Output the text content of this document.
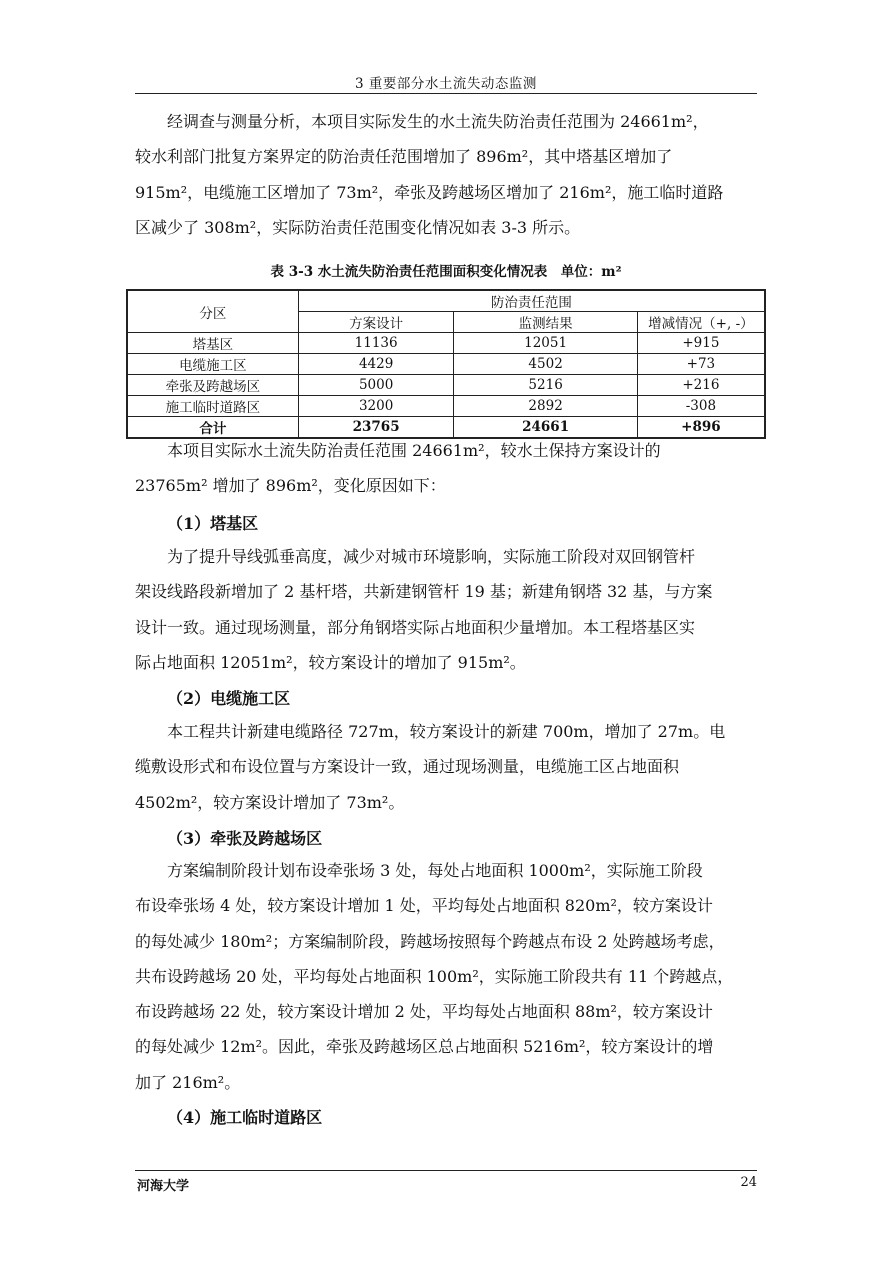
3 重要部分水土流失动态监测
经调查与测量分析，本项目实际发生的水土流失防治责任范围为 24661m²，
较水利部门批复方案界定的防治责任范围增加了 896m²，其中塔基区增加了
915m²，电缆施工区增加了 73m²，牵张及跨越场区增加了 216m²，施工临时道路
区减少了 308m²，实际防治责任范围变化情况如表 3-3 所示。
表 3-3 水土流失防治责任范围面积变化情况表　单位：m²
分区	防治责任范围		
	方案设计	监测结果	增减情况（+, -）
塔基区	11136	12051	+915
电缆施工区	4429	4502	+73
牵张及跨越场区	5000	5216	+216
施工临时道路区	3200	2892	-308
合计	23765	24661	+896
本项目实际水土流失防治责任范围 24661m²，较水土保持方案设计的
23765m² 增加了 896m²，变化原因如下：
（1）塔基区
为了提升导线弧垂高度，减少对城市环境影响，实际施工阶段对双回钢管杆
架设线路段新增加了 2 基杆塔，共新建钢管杆 19 基；新建角钢塔 32 基，与方案
设计一致。通过现场测量，部分角钢塔实际占地面积少量增加。本工程塔基区实
际占地面积 12051m²，较方案设计的增加了 915m²。
（2）电缆施工区
本工程共计新建电缆路径 727m，较方案设计的新建 700m，增加了 27m。电
缆敷设形式和布设位置与方案设计一致，通过现场测量，电缆施工区占地面积
4502m²，较方案设计增加了 73m²。
（3）牵张及跨越场区
方案编制阶段计划布设牵张场 3 处，每处占地面积 1000m²，实际施工阶段
布设牵张场 4 处，较方案设计增加 1 处，平均每处占地面积 820m²，较方案设计
的每处减少 180m²；方案编制阶段，跨越场按照每个跨越点布设 2 处跨越场考虑，
共布设跨越场 20 处，平均每处占地面积 100m²，实际施工阶段共有 11 个跨越点，
布设跨越场 22 处，较方案设计增加 2 处，平均每处占地面积 88m²，较方案设计
的每处减少 12m²。因此，牵张及跨越场区总占地面积 5216m²，较方案设计的增
加了 216m²。
（4）施工临时道路区
河海大学	24
